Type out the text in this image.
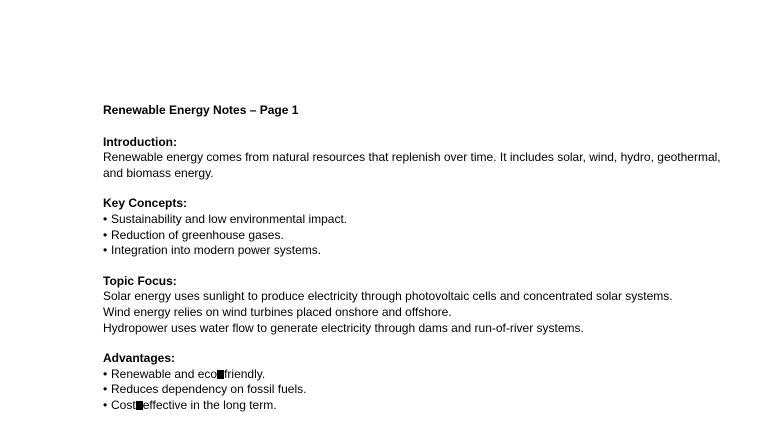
Renewable Energy Notes – Page 1

Introduction:

Renewable energy comes from natural resources that replenish over time. It includes solar, wind, hydro, geothermal, and biomass energy.

Key Concepts:

• Sustainability and low environmental impact.
• Reduction of greenhouse gases.
• Integration into modern power systems.

Topic Focus:

Solar energy uses sunlight to produce electricity through photovoltaic cells and concentrated solar systems.

Wind energy relies on wind turbines placed onshore and offshore.

Hydropower uses water flow to generate electricity through dams and run-of-river systems.

Advantages:

• Renewable and eco friendly.
• Reduces dependency on fossil fuels.
• Cost effective in the long term.
